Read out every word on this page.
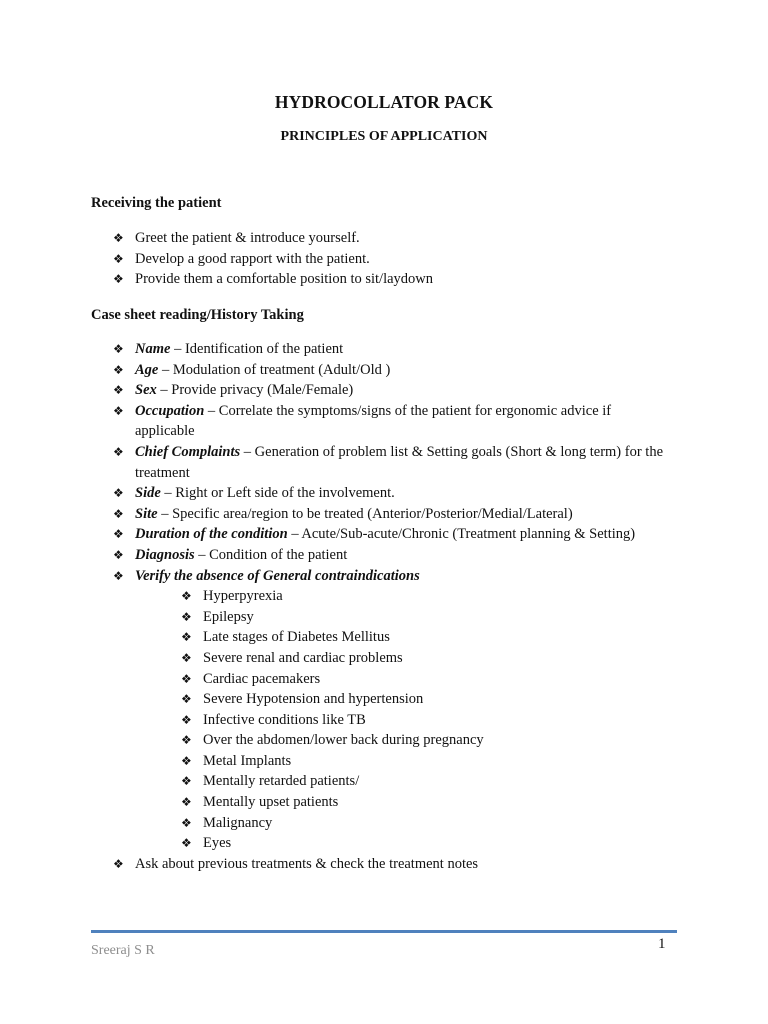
HYDROCOLLATOR PACK
PRINCIPLES OF APPLICATION
Receiving the patient
❖ Greet the patient & introduce yourself.
❖ Develop a good rapport with the patient.
❖ Provide them a comfortable position to sit/laydown
Case sheet reading/History Taking
❖ Name – Identification of the patient
❖ Age – Modulation of treatment (Adult/Old )
❖ Sex – Provide privacy (Male/Female)
❖ Occupation – Correlate the symptoms/signs of the patient for ergonomic advice if applicable
❖ Chief Complaints – Generation of problem list & Setting goals (Short & long term) for the treatment
❖ Side – Right or Left side of the involvement.
❖ Site – Specific area/region to be treated (Anterior/Posterior/Medial/Lateral)
❖ Duration of the condition – Acute/Sub-acute/Chronic (Treatment planning & Setting)
❖ Diagnosis – Condition of the patient
❖ Verify the absence of General contraindications
❖ Hyperpyrexia
❖ Epilepsy
❖ Late stages of Diabetes Mellitus
❖ Severe renal and cardiac problems
❖ Cardiac pacemakers
❖ Severe Hypotension and hypertension
❖ Infective conditions like TB
❖ Over the abdomen/lower back during pregnancy
❖ Metal Implants
❖ Mentally retarded patients/
❖ Mentally upset patients
❖ Malignancy
❖ Eyes
❖ Ask about previous treatments & check the treatment notes
1
Sreeraj S R
